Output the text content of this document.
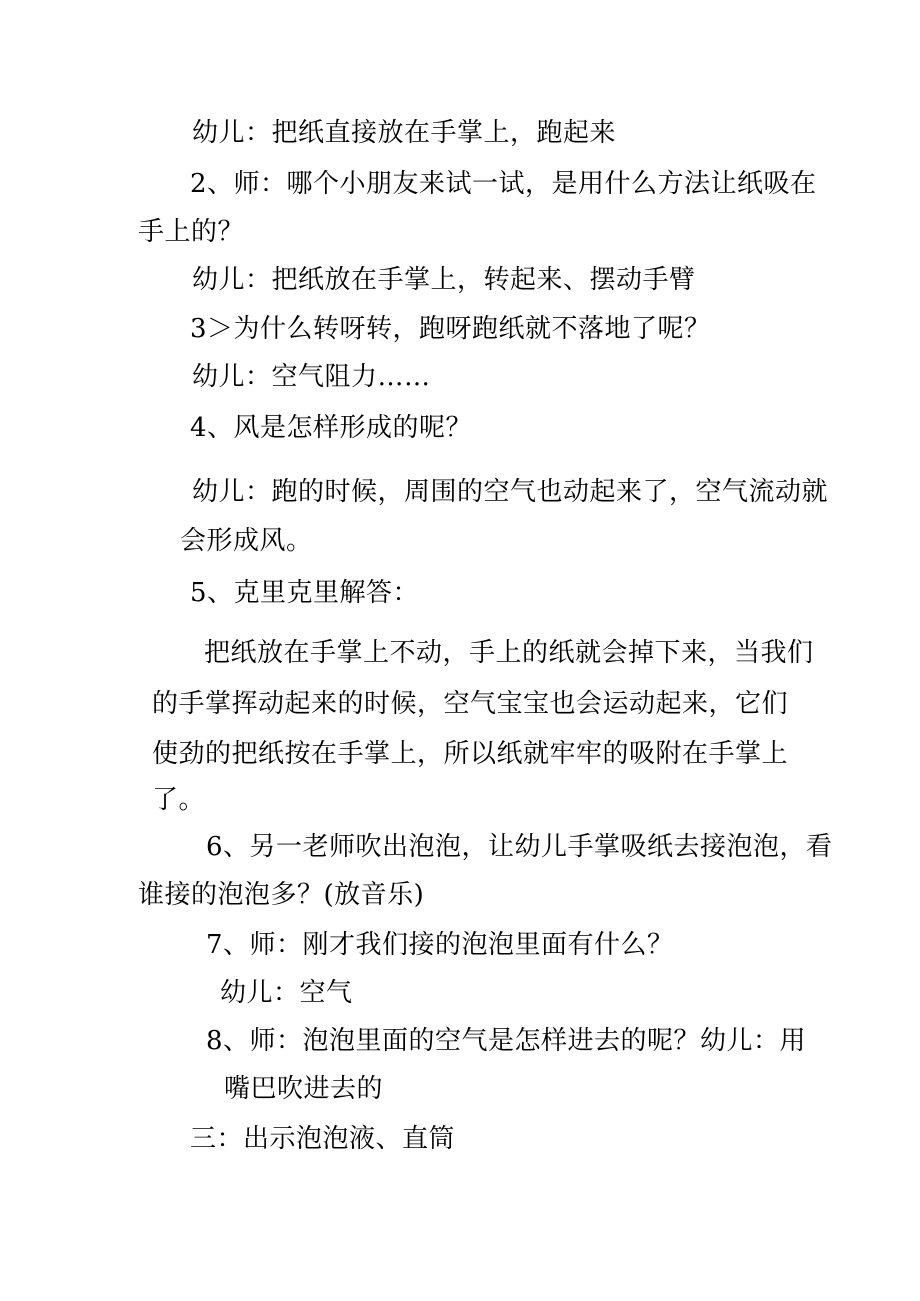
幼儿：把纸直接放在手掌上，跑起来
2、师：哪个小朋友来试一试，是用什么方法让纸吸在
手上的？
幼儿：把纸放在手掌上，转起来、摆动手臂
3＞为什么转呀转，跑呀跑纸就不落地了呢？
幼儿：空气阻力……
4、风是怎样形成的呢？
幼儿：跑的时候，周围的空气也动起来了，空气流动就
会形成风。
5、克里克里解答：
把纸放在手掌上不动，手上的纸就会掉下来，当我们
的手掌挥动起来的时候，空气宝宝也会运动起来，它们
使劲的把纸按在手掌上，所以纸就牢牢的吸附在手掌上
了。
6、另一老师吹出泡泡，让幼儿手掌吸纸去接泡泡，看
谁接的泡泡多？(放音乐)
7、师：刚才我们接的泡泡里面有什么？
幼儿：空气
8、师：泡泡里面的空气是怎样进去的呢？幼儿：用
嘴巴吹进去的
三：出示泡泡液、直筒
